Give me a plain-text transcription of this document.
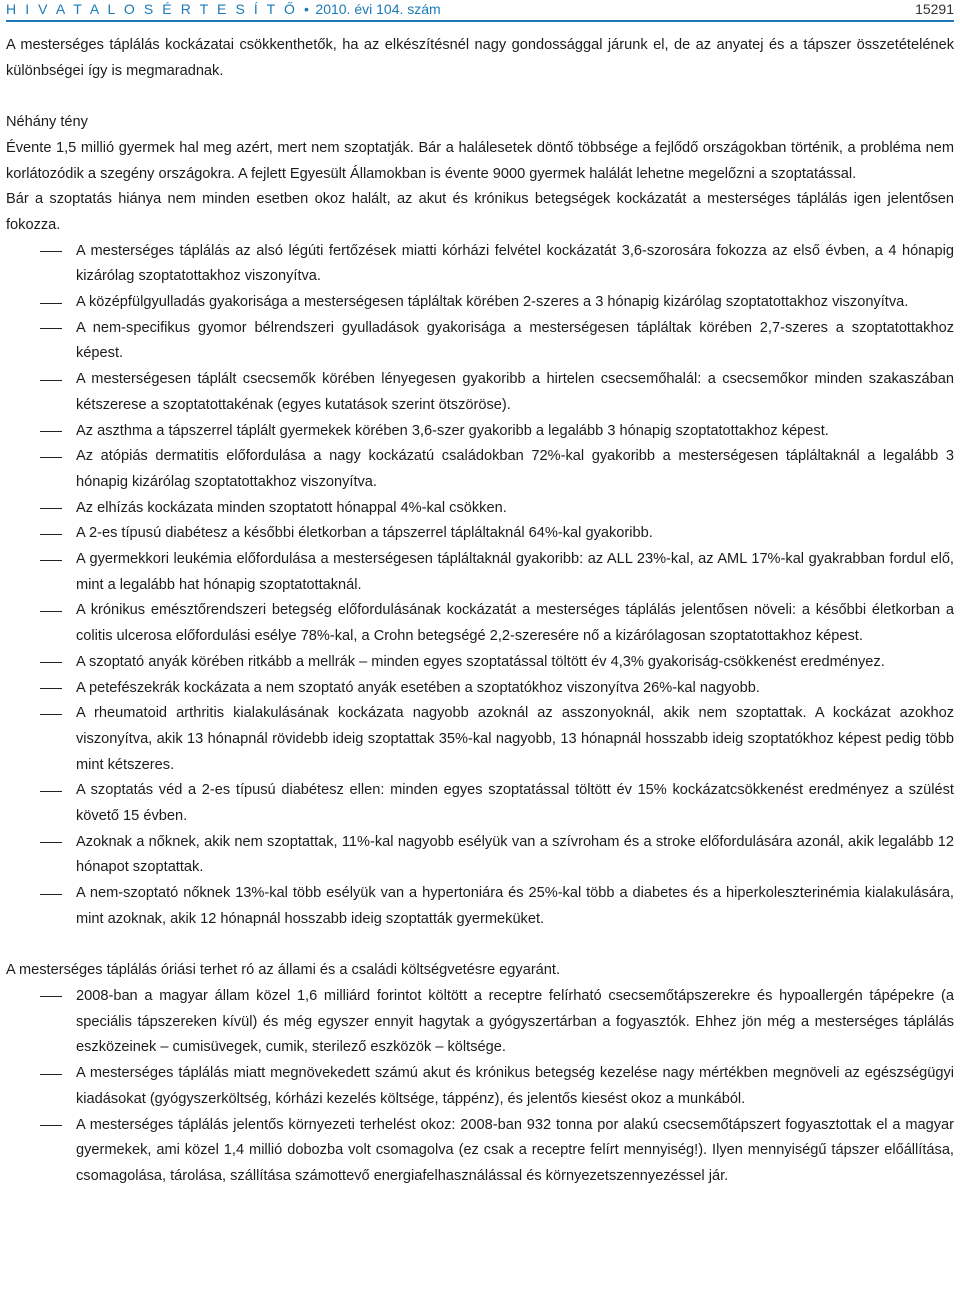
H I V A T A L O S É R T E S Í T Ő • 2010. évi 104. szám	15291

A mesterséges táplálás kockázatai csökkenthetők, ha az elkészítésnél nagy gondossággal járunk el, de az anyatej és a tápszer összetételének különbségei így is megmaradnak.

Néhány tény

Évente 1,5 millió gyermek hal meg azért, mert nem szoptatják. Bár a halálesetek döntő többsége a fejlődő országokban történik, a probléma nem korlátozódik a szegény országokra. A fejlett Egyesült Államokban is évente 9000 gyermek halálát lehetne megelőzni a szoptatással.

Bár a szoptatás hiánya nem minden esetben okoz halált, az akut és krónikus betegségek kockázatát a mesterséges táplálás igen jelentősen fokozza.

A mesterséges táplálás az alsó légúti fertőzések miatti kórházi felvétel kockázatát 3,6-szorosára fokozza az első évben, a 4 hónapig kizárólag szoptatottakhoz viszonyítva.
A középfülgyulladás gyakorisága a mesterségesen tápláltak körében 2-szeres a 3 hónapig kizárólag szoptatottakhoz viszonyítva.
A nem-specifikus gyomor bélrendszeri gyulladások gyakorisága a mesterségesen tápláltak körében 2,7-szeres a szoptatottakhoz képest.
A mesterségesen táplált csecsemők körében lényegesen gyakoribb a hirtelen csecsemőhalál: a csecsemőkor minden szakaszában kétszerese a szoptatottakénak (egyes kutatások szerint ötszöröse).
Az aszthma a tápszerrel táplált gyermekek körében 3,6-szer gyakoribb a legalább 3 hónapig szoptatottakhoz képest.
Az atópiás dermatitis előfordulása a nagy kockázatú családokban 72%-kal gyakoribb a mesterségesen tápláltaknál a legalább 3 hónapig kizárólag szoptatottakhoz viszonyítva.
Az elhízás kockázata minden szoptatott hónappal 4%-kal csökken.
A 2-es típusú diabétesz a későbbi életkorban a tápszerrel tápláltaknál 64%-kal gyakoribb.
A gyermekkori leukémia előfordulása a mesterségesen tápláltaknál gyakoribb: az ALL 23%-kal, az AML 17%-kal gyakrabban fordul elő, mint a legalább hat hónapig szoptatottaknál.
A krónikus emésztőrendszeri betegség előfordulásának kockázatát a mesterséges táplálás jelentősen növeli: a későbbi életkorban a colitis ulcerosa előfordulási esélye 78%-kal, a Crohn betegségé 2,2-szeresére nő a kizárólagosan szoptatottakhoz képest.
A szoptató anyák körében ritkább a mellrák – minden egyes szoptatással töltött év 4,3% gyakoriság-csökkenést eredményez.
A petefészekrák kockázata a nem szoptató anyák esetében a szoptatókhoz viszonyítva 26%-kal nagyobb.
A rheumatoid arthritis kialakulásának kockázata nagyobb azoknál az asszonyoknál, akik nem szoptattak. A kockázat azokhoz viszonyítva, akik 13 hónapnál rövidebb ideig szoptattak 35%-kal nagyobb, 13 hónapnál hosszabb ideig szoptatókhoz képest pedig több mint kétszeres.
A szoptatás véd a 2-es típusú diabétesz ellen: minden egyes szoptatással töltött év 15% kockázatcsökkenést eredményez a szülést követő 15 évben.
Azoknak a nőknek, akik nem szoptattak, 11%-kal nagyobb esélyük van a szívroham és a stroke előfordulására azonál, akik legalább 12 hónapot szoptattak.
A nem-szoptató nőknek 13%-kal több esélyük van a hypertoniára és 25%-kal több a diabetes és a hiperkoleszterinémia kialakulására, mint azoknak, akik 12 hónapnál hosszabb ideig szoptatták gyermeküket.

A mesterséges táplálás óriási terhet ró az állami és a családi költségvetésre egyaránt.

2008-ban a magyar állam közel 1,6 milliárd forintot költött a receptre felírható csecsemőtápszerekre és hypoallergén tápépekre (a speciális tápszereken kívül) és még egyszer ennyit hagytak a gyógyszertárban a fogyasztók. Ehhez jön még a mesterséges táplálás eszközeinek – cumisüvegek, cumik, sterilező eszközök – költsége.
A mesterséges táplálás miatt megnövekedett számú akut és krónikus betegség kezelése nagy mértékben megnöveli az egészségügyi kiadásokat (gyógyszerköltség, kórházi kezelés költsége, táppénz), és jelentős kiesést okoz a munkából.
A mesterséges táplálás jelentős környezeti terhelést okoz: 2008-ban 932 tonna por alakú csecsemőtápszert fogyasztottak el a magyar gyermekek, ami közel 1,4 millió dobozba volt csomagolva (ez csak a receptre felírt mennyiség!). Ilyen mennyiségű tápszer előállítása, csomagolása, tárolása, szállítása számottevő energiafelhasználással és környezetszennyezéssel jár.
